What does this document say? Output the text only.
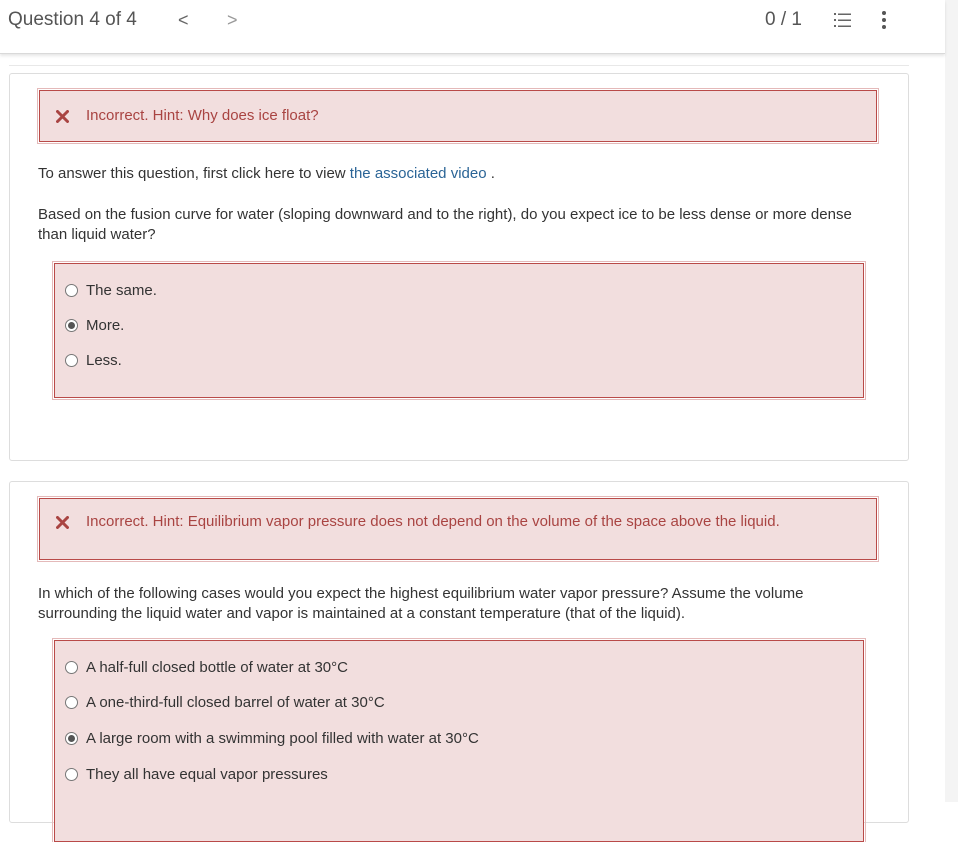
Question 4 of 4 < >	0 / 1
Incorrect. Hint: Why does ice float?
To answer this question, first click here to view the associated video .
Based on the fusion curve for water (sloping downward and to the right), do you expect ice to be less dense or more dense than liquid water?
The same.
More.
Less.
Incorrect. Hint: Equilibrium vapor pressure does not depend on the volume of the space above the liquid.
In which of the following cases would you expect the highest equilibrium water vapor pressure? Assume the volume surrounding the liquid water and vapor is maintained at a constant temperature (that of the liquid).
A half-full closed bottle of water at 30°C
A one-third-full closed barrel of water at 30°C
A large room with a swimming pool filled with water at 30°C
They all have equal vapor pressures
